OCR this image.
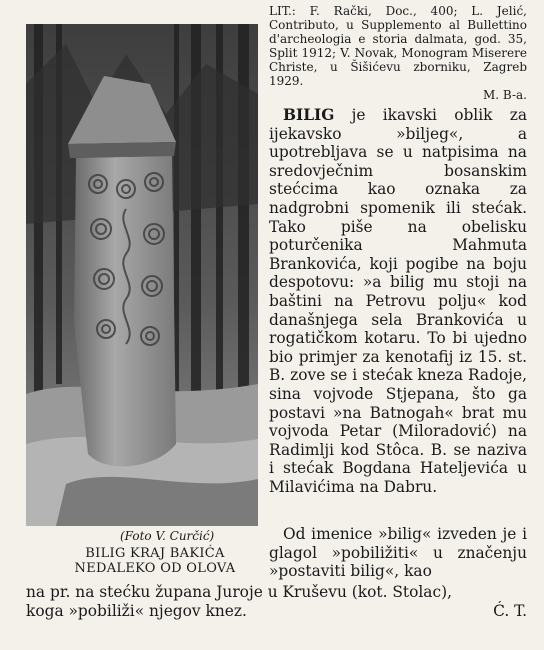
(Foto V. Curčić)
BILIG KRAJ BAKIĆA
NEDALEKO OD OLOVA

LIT.: F. Rački, Doc., 400; L. Jelić, Contributo, u Supplemento al Bullettino d'archeologia e storia dalmata, god. 35, Split 1912; V. Novak, Monogram Miserere Christe, u Šišićevu zborniku, Zagreb 1929.

M. B-a.

BILIG je ikavski oblik za ijekavsko »biljeg«, a upotrebljava se u natpisima na sredovječnim bosanskim stećcima kao oznaka za nadgrobni spomenik ili stećak. Tako piše na obelisku poturčenika Mahmuta Brankovića, koji pogibe na boju despotovu: »a bilig mu stoji na baštini na Petrovu polju« kod današnjega sela Brankovića u rogatičkom kotaru. To bi ujedno bio primjer za kenotafij iz 15. st. B. zove se i stećak kneza Radoje, sina vojvode Stjepana, što ga postavi »na Batnogah« brat mu vojvoda Petar (Miloradović) na Radimlji kod Stôca. B. se naziva i stećak Bogdana Hateljevića u Milavićima na Dabru.

Od imenice »bilig« izveden je i glagol »pobiližiti« u značenju »postaviti bilig«, kao

na pr. na stećku župana Juroje u Kruševu (kot. Stolac),
koga »pobiliži« njegov knez.	Ć. T.
